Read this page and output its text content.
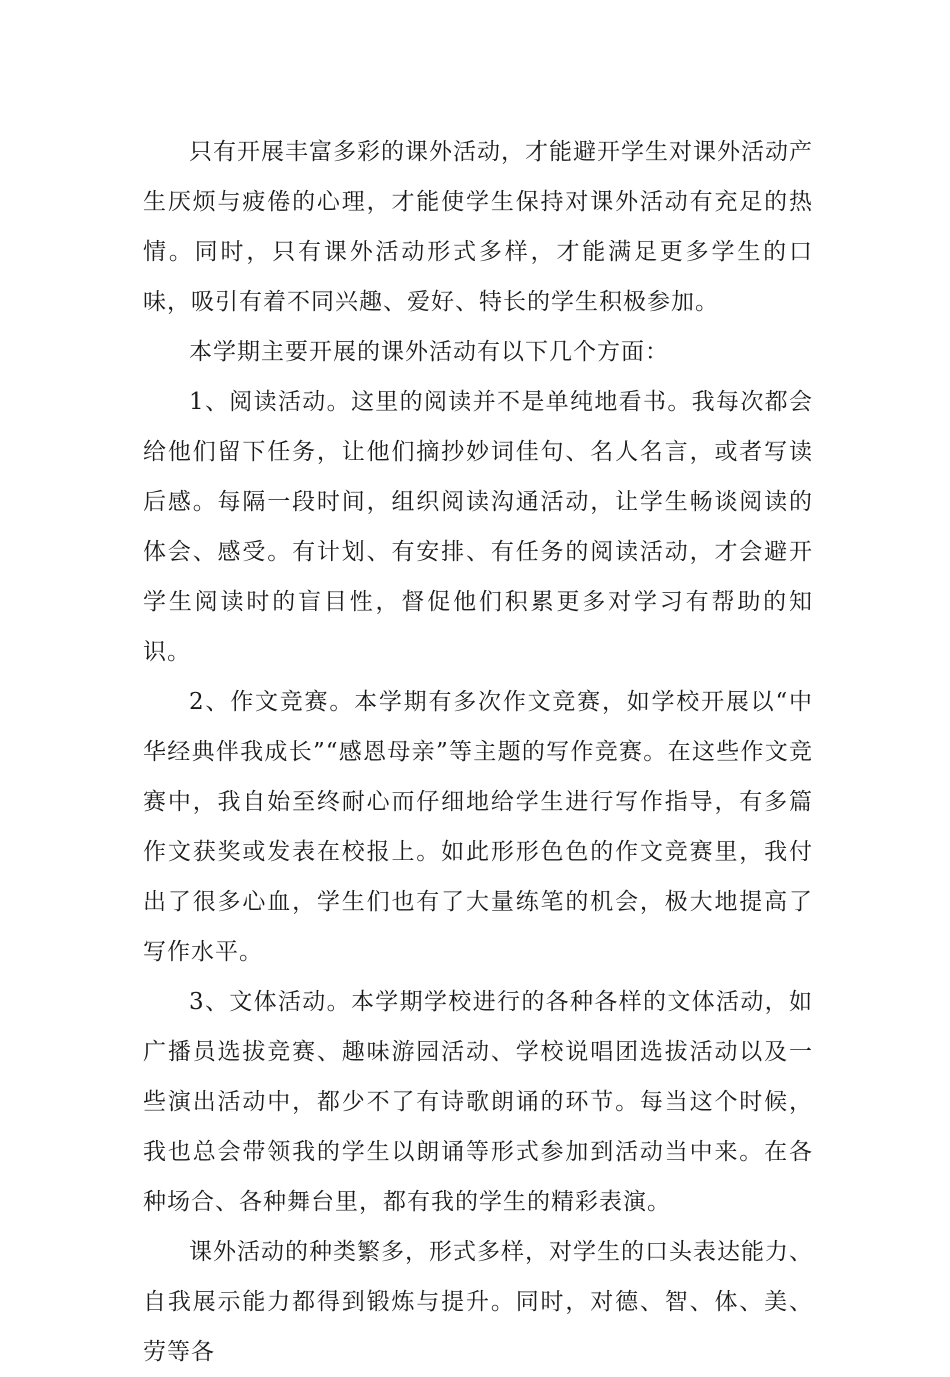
只有开展丰富多彩的课外活动，才能避开学生对课外活动产生厌烦与疲倦的心理，才能使学生保持对课外活动有充足的热情。同时，只有课外活动形式多样，才能满足更多学生的口味，吸引有着不同兴趣、爱好、特长的学生积极参加。

本学期主要开展的课外活动有以下几个方面：

1、阅读活动。这里的阅读并不是单纯地看书。我每次都会给他们留下任务，让他们摘抄妙词佳句、名人名言，或者写读后感。每隔一段时间，组织阅读沟通活动，让学生畅谈阅读的体会、感受。有计划、有安排、有任务的阅读活动，才会避开学生阅读时的盲目性，督促他们积累更多对学习有帮助的知识。

2、作文竞赛。本学期有多次作文竞赛，如学校开展以“中华经典伴我成长”“感恩母亲”等主题的写作竞赛。在这些作文竞赛中，我自始至终耐心而仔细地给学生进行写作指导，有多篇作文获奖或发表在校报上。如此形形色色的作文竞赛里，我付出了很多心血，学生们也有了大量练笔的机会，极大地提高了写作水平。

3、文体活动。本学期学校进行的各种各样的文体活动，如广播员选拔竞赛、趣味游园活动、学校说唱团选拔活动以及一些演出活动中，都少不了有诗歌朗诵的环节。每当这个时候，我也总会带领我的学生以朗诵等形式参加到活动当中来。在各种场合、各种舞台里，都有我的学生的精彩表演。

课外活动的种类繁多，形式多样，对学生的口头表达能力、自我展示能力都得到锻炼与提升。同时，对德、智、体、美、劳等各
